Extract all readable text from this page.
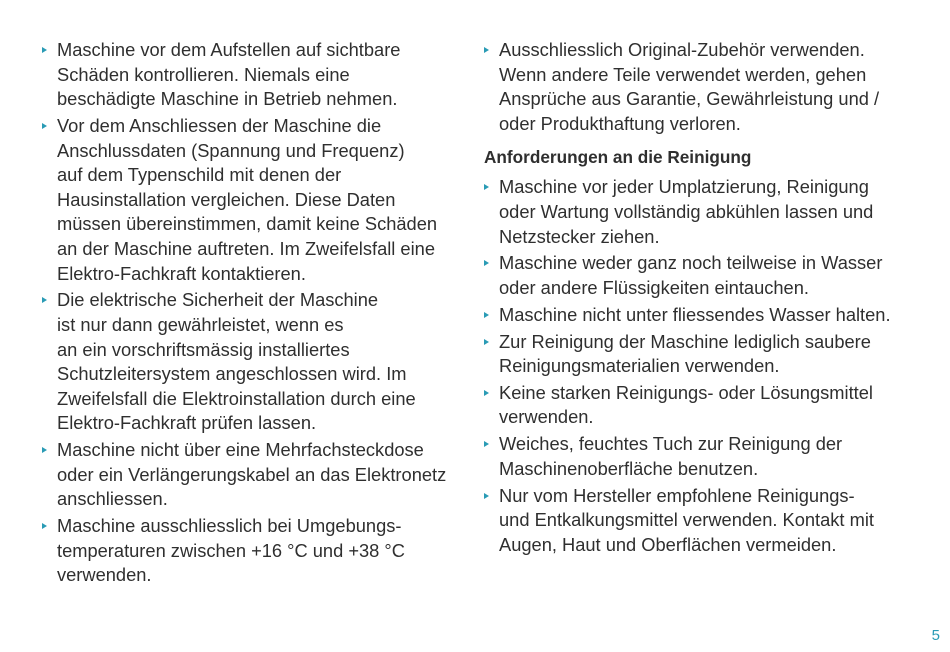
Maschine vor dem Aufstellen auf sichtbare
Schäden kontrollieren. Niemals eine
beschädigte Maschine in Betrieb nehmen.
Vor dem Anschliessen der Maschine die
Anschlussdaten (Spannung und Frequenz)
auf dem Typenschild mit denen der
Hausinstallation vergleichen. Diese Daten
müssen übereinstimmen, damit keine Schäden
an der Maschine auftreten. Im Zweifelsfall eine
Elektro-Fachkraft kontaktieren.
Die elektrische Sicherheit der Maschine
ist nur dann gewährleistet, wenn es
an ein vorschriftsmässig installiertes
Schutzleitersystem angeschlossen wird. Im
Zweifelsfall die Elektroinstallation durch eine
Elektro-Fachkraft prüfen lassen.
Maschine nicht über eine Mehrfachsteckdose
oder ein Verlängerungskabel an das Elektronetz
anschliessen.
Maschine ausschliesslich bei Umgebungs-
temperaturen zwischen +16 °C und +38 °C
verwenden.
Ausschliesslich Original-Zubehör verwenden.
Wenn andere Teile verwendet werden, gehen
Ansprüche aus Garantie, Gewährleistung und /
oder Produkthaftung verloren.
Anforderungen an die Reinigung
Maschine vor jeder Umplatzierung, Reinigung
oder Wartung vollständig abkühlen lassen und
Netzstecker ziehen.
Maschine weder ganz noch teilweise in Wasser
oder andere Flüssigkeiten eintauchen.
Maschine nicht unter fliessendes Wasser halten.
Zur Reinigung der Maschine lediglich saubere
Reinigungsmaterialien verwenden.
Keine starken Reinigungs- oder Lösungsmittel
verwenden.
Weiches, feuchtes Tuch zur Reinigung der
Maschinenoberfläche benutzen.
Nur vom Hersteller empfohlene Reinigungs-
und Entkalkungsmittel verwenden. Kontakt mit
Augen, Haut und Oberflächen vermeiden.
5
